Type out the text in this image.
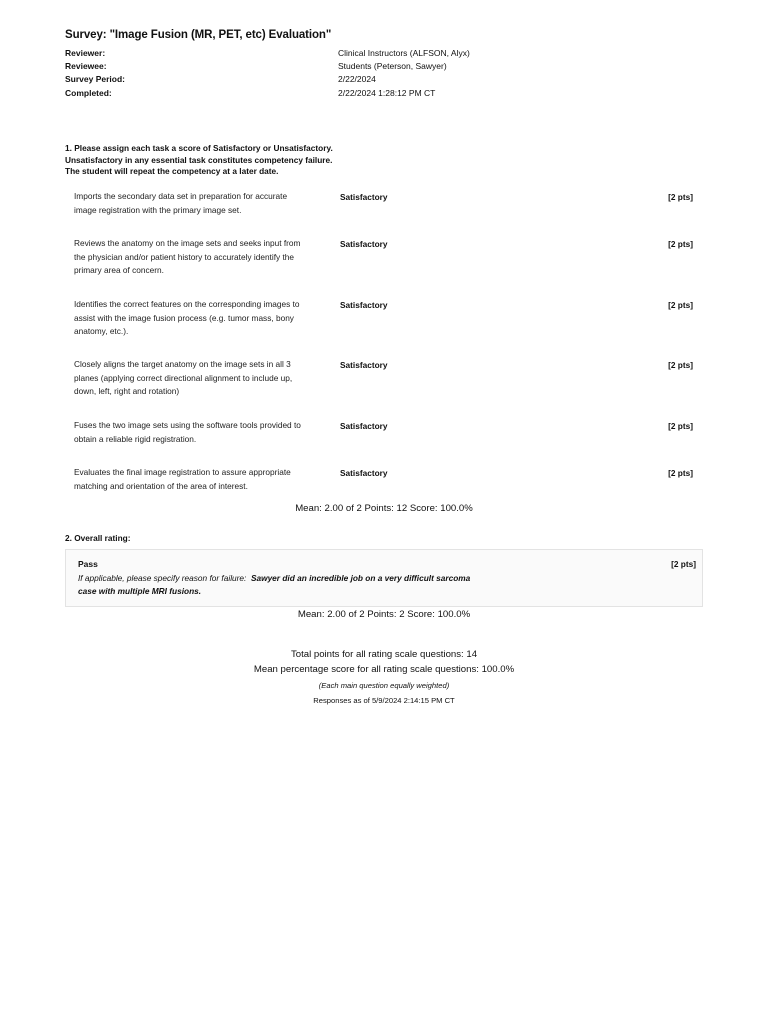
Survey: "Image Fusion (MR, PET, etc) Evaluation"
Reviewer:	Clinical Instructors (ALFSON, Alyx)
Reviewee:	Students (Peterson, Sawyer)
Survey Period:	2/22/2024
Completed:	2/22/2024 1:28:12 PM CT
1. Please assign each task a score of Satisfactory or Unsatisfactory.
Unsatisfactory in any essential task constitutes competency failure.
The student will repeat the competency at a later date.
Imports the secondary data set in preparation for accurate
image registration with the primary image set.
Satisfactory	[2 pts]
Reviews the anatomy on the image sets and seeks input from
the physician and/or patient history to accurately identify the
primary area of concern.
Satisfactory	[2 pts]
Identifies the correct features on the corresponding images to
assist with the image fusion process (e.g. tumor mass, bony
anatomy, etc.).
Satisfactory	[2 pts]
Closely aligns the target anatomy on the image sets in all 3
planes (applying correct directional alignment to include up,
down, left, right and rotation)
Satisfactory	[2 pts]
Fuses the two image sets using the software tools provided to
obtain a reliable rigid registration.
Satisfactory	[2 pts]
Evaluates the final image registration to assure appropriate
matching and orientation of the area of interest.
Satisfactory	[2 pts]
Mean: 2.00 of 2 Points: 12 Score: 100.0%
2. Overall rating:
Pass	[2 pts]
If applicable, please specify reason for failure: Sawyer did an incredible job on a very difficult sarcoma
case with multiple MRI fusions.
Mean: 2.00 of 2 Points: 2 Score: 100.0%
Total points for all rating scale questions: 14
Mean percentage score for all rating scale questions: 100.0%
(Each main question equally weighted)
Responses as of 5/9/2024 2:14:15 PM CT
